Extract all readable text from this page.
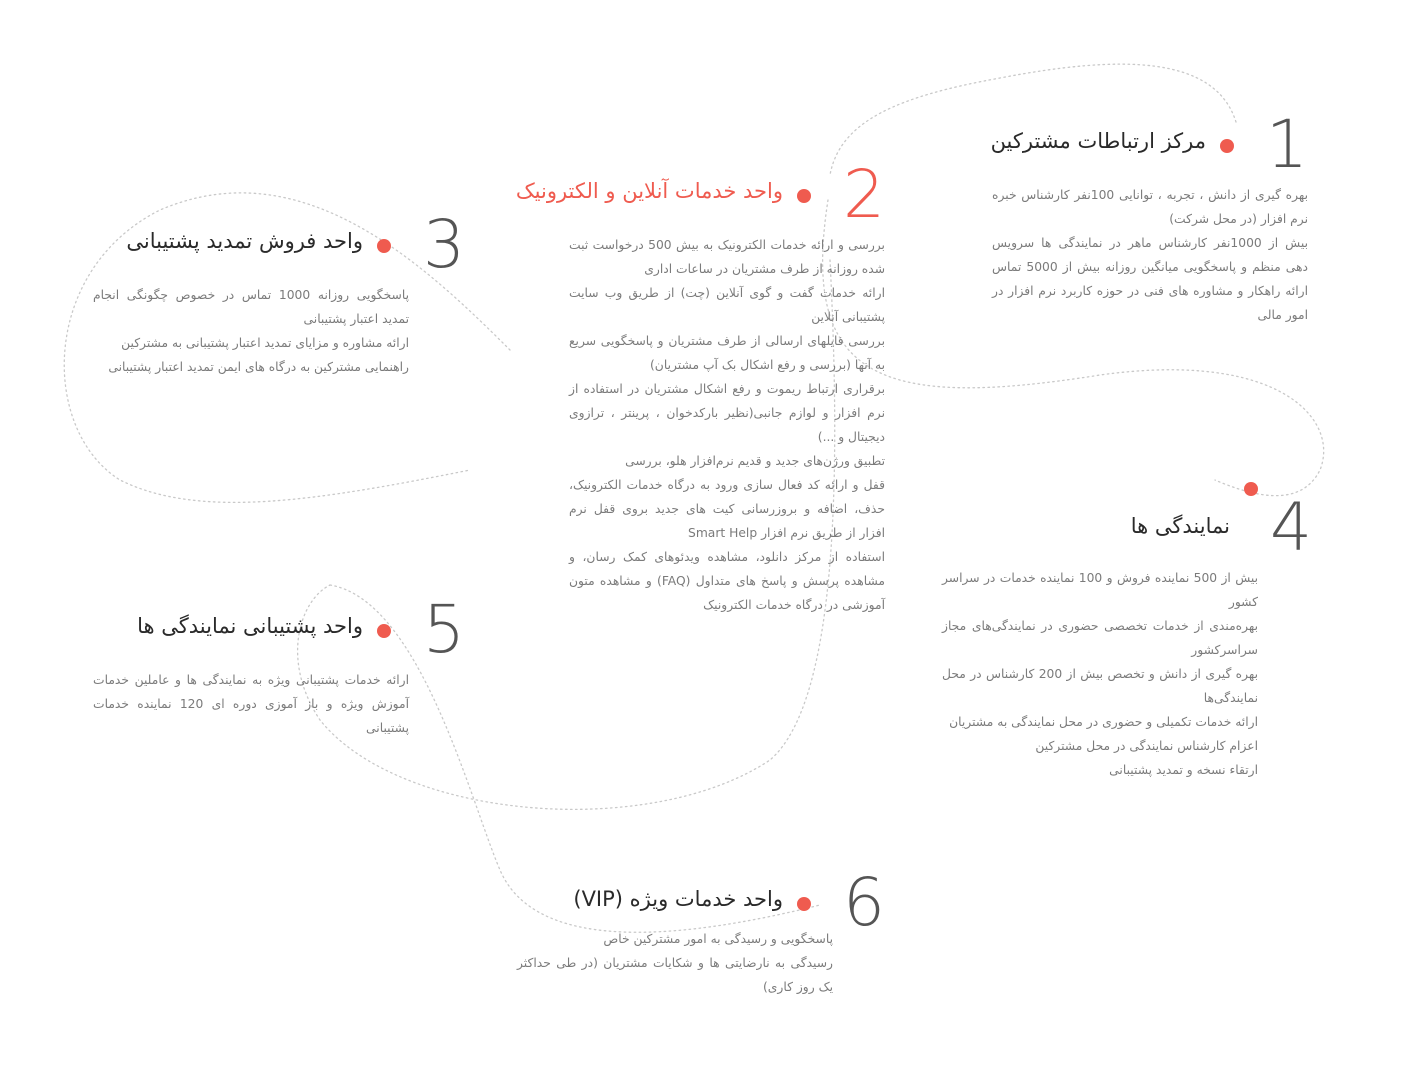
1
مرکز ارتباطات مشترکین

بهره گیری از دانش ، تجربه ، توانایی 100نفر کارشناس خبره نرم افزار (در محل شرکت)

بیش از 1000نفر کارشناس ماهر در نمایندگی ها سرویس دهی منظم و پاسخگویی میانگین روزانه بیش از 5000 تماس ارائه راهکار و مشاوره های فنی در حوزه کاربرد نرم افزار در امور مالی

2
واحد خدمات آنلاین و الکترونیک

بررسی و ارائه خدمات الکترونیک به بیش 500 درخواست ثبت شده روزانه از طرف مشتریان در ساعات اداری

ارائه خدمات گفت و گوی آنلاین (چت) از طریق وب سایت پشتیبانی آنلاین

بررسی فایلهای ارسالی از طرف مشتریان و پاسخگویی سریع به آنها (بررسی و رفع اشکال بک آپ مشتریان)

برقراری ارتباط ریموت و رفع اشکال مشتریان در استفاده از نرم افزار و لوازم جانبی(نظیر بارکدخوان ، پرینتر ، ترازوی دیجیتال و ...)

تطبیق ورژن‌های جدید و قدیم نرم‌افزار هلو، بررسی

قفل و ارائه کد فعال سازی ورود به درگاه خدمات الکترونیک، حذف، اضافه و بروزرسانی کیت های جدید بروی قفل نرم افزار از طریق نرم افزار Smart Help

استفاده از مرکز دانلود، مشاهده ویدئوهای کمک رسان، و مشاهده پرسش و پاسخ های متداول (FAQ) و مشاهده متون آموزشی در درگاه خدمات الکترونیک

3
واحد فروش تمدید پشتیبانی

پاسخگویی روزانه 1000 تماس در خصوص چگونگی انجام تمدید اعتبار پشتیبانی

ارائه مشاوره و مزایای تمدید اعتبار پشتیبانی به مشترکین

راهنمایی مشترکین به درگاه های ایمن تمدید اعتبار پشتیبانی

4
نمایندگی ها

بیش از 500 نماینده فروش و 100 نماینده خدمات در سراسر کشور

بهره‌مندی از خدمات تخصصی حضوری در نمایندگی‌های مجاز سراسرکشور

بهره گیری از دانش و تخصص بیش از 200 کارشناس در محل نمایندگی‌ها

ارائه خدمات تکمیلی و حضوری در محل نمایندگی به مشتریان

اعزام کارشناس نمایندگی در محل مشترکین

ارتقاء نسخه و تمدید پشتیبانی

5
واحد پشتیبانی نمایندگی ها

ارائه خدمات پشتیبانی ویژه به نمایندگی ها و عاملین خدمات آموزش ویژه و باز آموزی دوره ای 120 نماینده خدمات پشتیبانی

6
واحد خدمات ویژه (VIP)

پاسخگویی و رسیدگی به امور مشترکین خاص

رسیدگی به نارضایتی ها و شکایات مشتریان (در طی حداکثر یک روز کاری)
